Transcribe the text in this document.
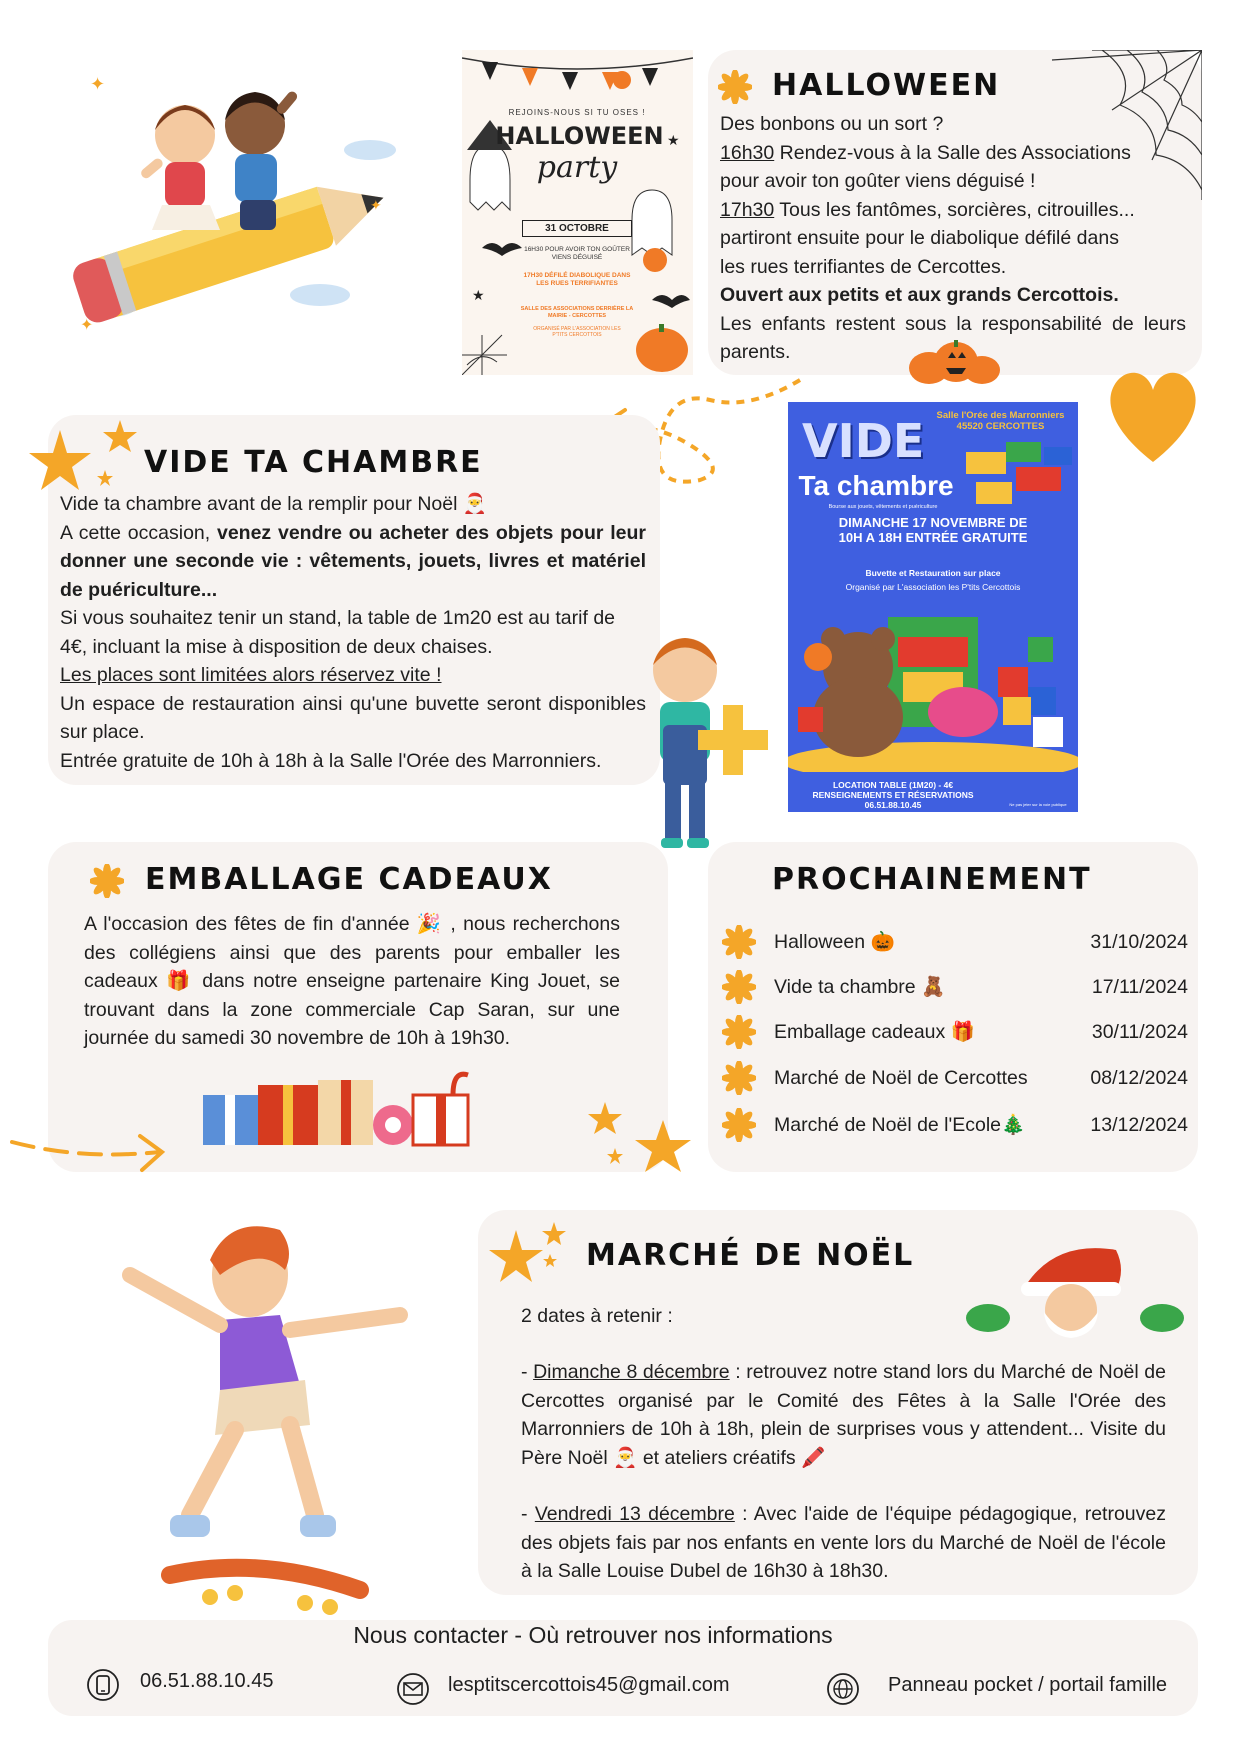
✦
✦
✦
★
★
REJOINS-NOUS SI TU OSES !
HALLOWEEN
party
31 OCTOBRE
16H30 POUR AVOIR TON GOÛTER VIENS DÉGUISÉ
17H30 DÉFILÉ DIABOLIQUE DANS LES RUES TERRIFIANTES
SALLE DES ASSOCIATIONS DERRIÈRE LA MAIRIE - CERCOTTES
ORGANISÉ PAR L'ASSOCIATION LES P'TITS CERCOTTOIS
HALLOWEEN
Des bonbons ou un sort ?
16h30 Rendez-vous à la Salle des Associations
pour avoir ton goûter viens déguisé !
17h30 Tous les fantômes, sorcières, citrouilles...
partiront ensuite pour le diabolique défilé dans
les rues terrifiantes de Cercottes.
Ouvert aux petits et aux grands Cercottois.
Les enfants restent sous la responsabilité de leurs parents.
VIDE TA CHAMBRE
Vide ta chambre avant de la remplir pour Noël 🎅
A cette occasion, venez vendre ou acheter des objets pour leur donner une seconde vie : vêtements, jouets, livres et matériel de puériculture...
Si vous souhaitez tenir un stand, la table de 1m20 est au tarif de 4€, incluant la mise à disposition de deux chaises.
Les places sont limitées alors réservez vite !
Un espace de restauration ainsi qu'une buvette seront disponibles sur place.
Entrée gratuite de 10h à 18h à la Salle l'Orée des Marronniers.
Salle l'Orée des Marronniers 45520 CERCOTTES
VIDE
Ta chambre
Bourse aux jouets, vêtements et puériculture
DIMANCHE 17 NOVEMBRE DE 10H A 18H ENTRÉE GRATUITE
Buvette et Restauration sur place
Organisé par L'association les P'tits Cercottois
LOCATION TABLE (1M20) - 4€
RENSEIGNEMENTS ET RÉSERVATIONS
06.51.88.10.45	Ne pas jeter sur la voie publique
EMBALLAGE CADEAUX
A l'occasion des fêtes de fin d'année 🎉 , nous recherchons des collégiens ainsi que des parents pour emballer les cadeaux 🎁 dans notre enseigne partenaire King Jouet, se trouvant dans la zone commerciale Cap Saran, sur une journée du samedi 30 novembre de 10h à 19h30.
PROCHAINEMENT
Halloween 🎃	31/10/2024
Vide ta chambre 🧸	17/11/2024
Emballage cadeaux 🎁	30/11/2024
Marché de Noël de Cercottes	08/12/2024
Marché de Noël de l'Ecole🎄	13/12/2024
MARCHÉ DE NOËL
2 dates à retenir :
- Dimanche 8 décembre : retrouvez notre stand lors du Marché de Noël de Cercottes organisé par le Comité des Fêtes à la Salle l'Orée des Marronniers de 10h à 18h, plein de surprises vous y attendent... Visite du Père Noël 🎅 et ateliers créatifs 🖍️
- Vendredi 13 décembre : Avec l'aide de l'équipe pédagogique, retrouvez des objets fais par nos enfants en vente lors du Marché de Noël de l'école à la Salle Louise Dubel de 16h30 à 18h30.
Nous contacter - Où retrouver nos informations
06.51.88.10.45	lesptitscercottois45@gmail.com	Panneau pocket / portail famille
